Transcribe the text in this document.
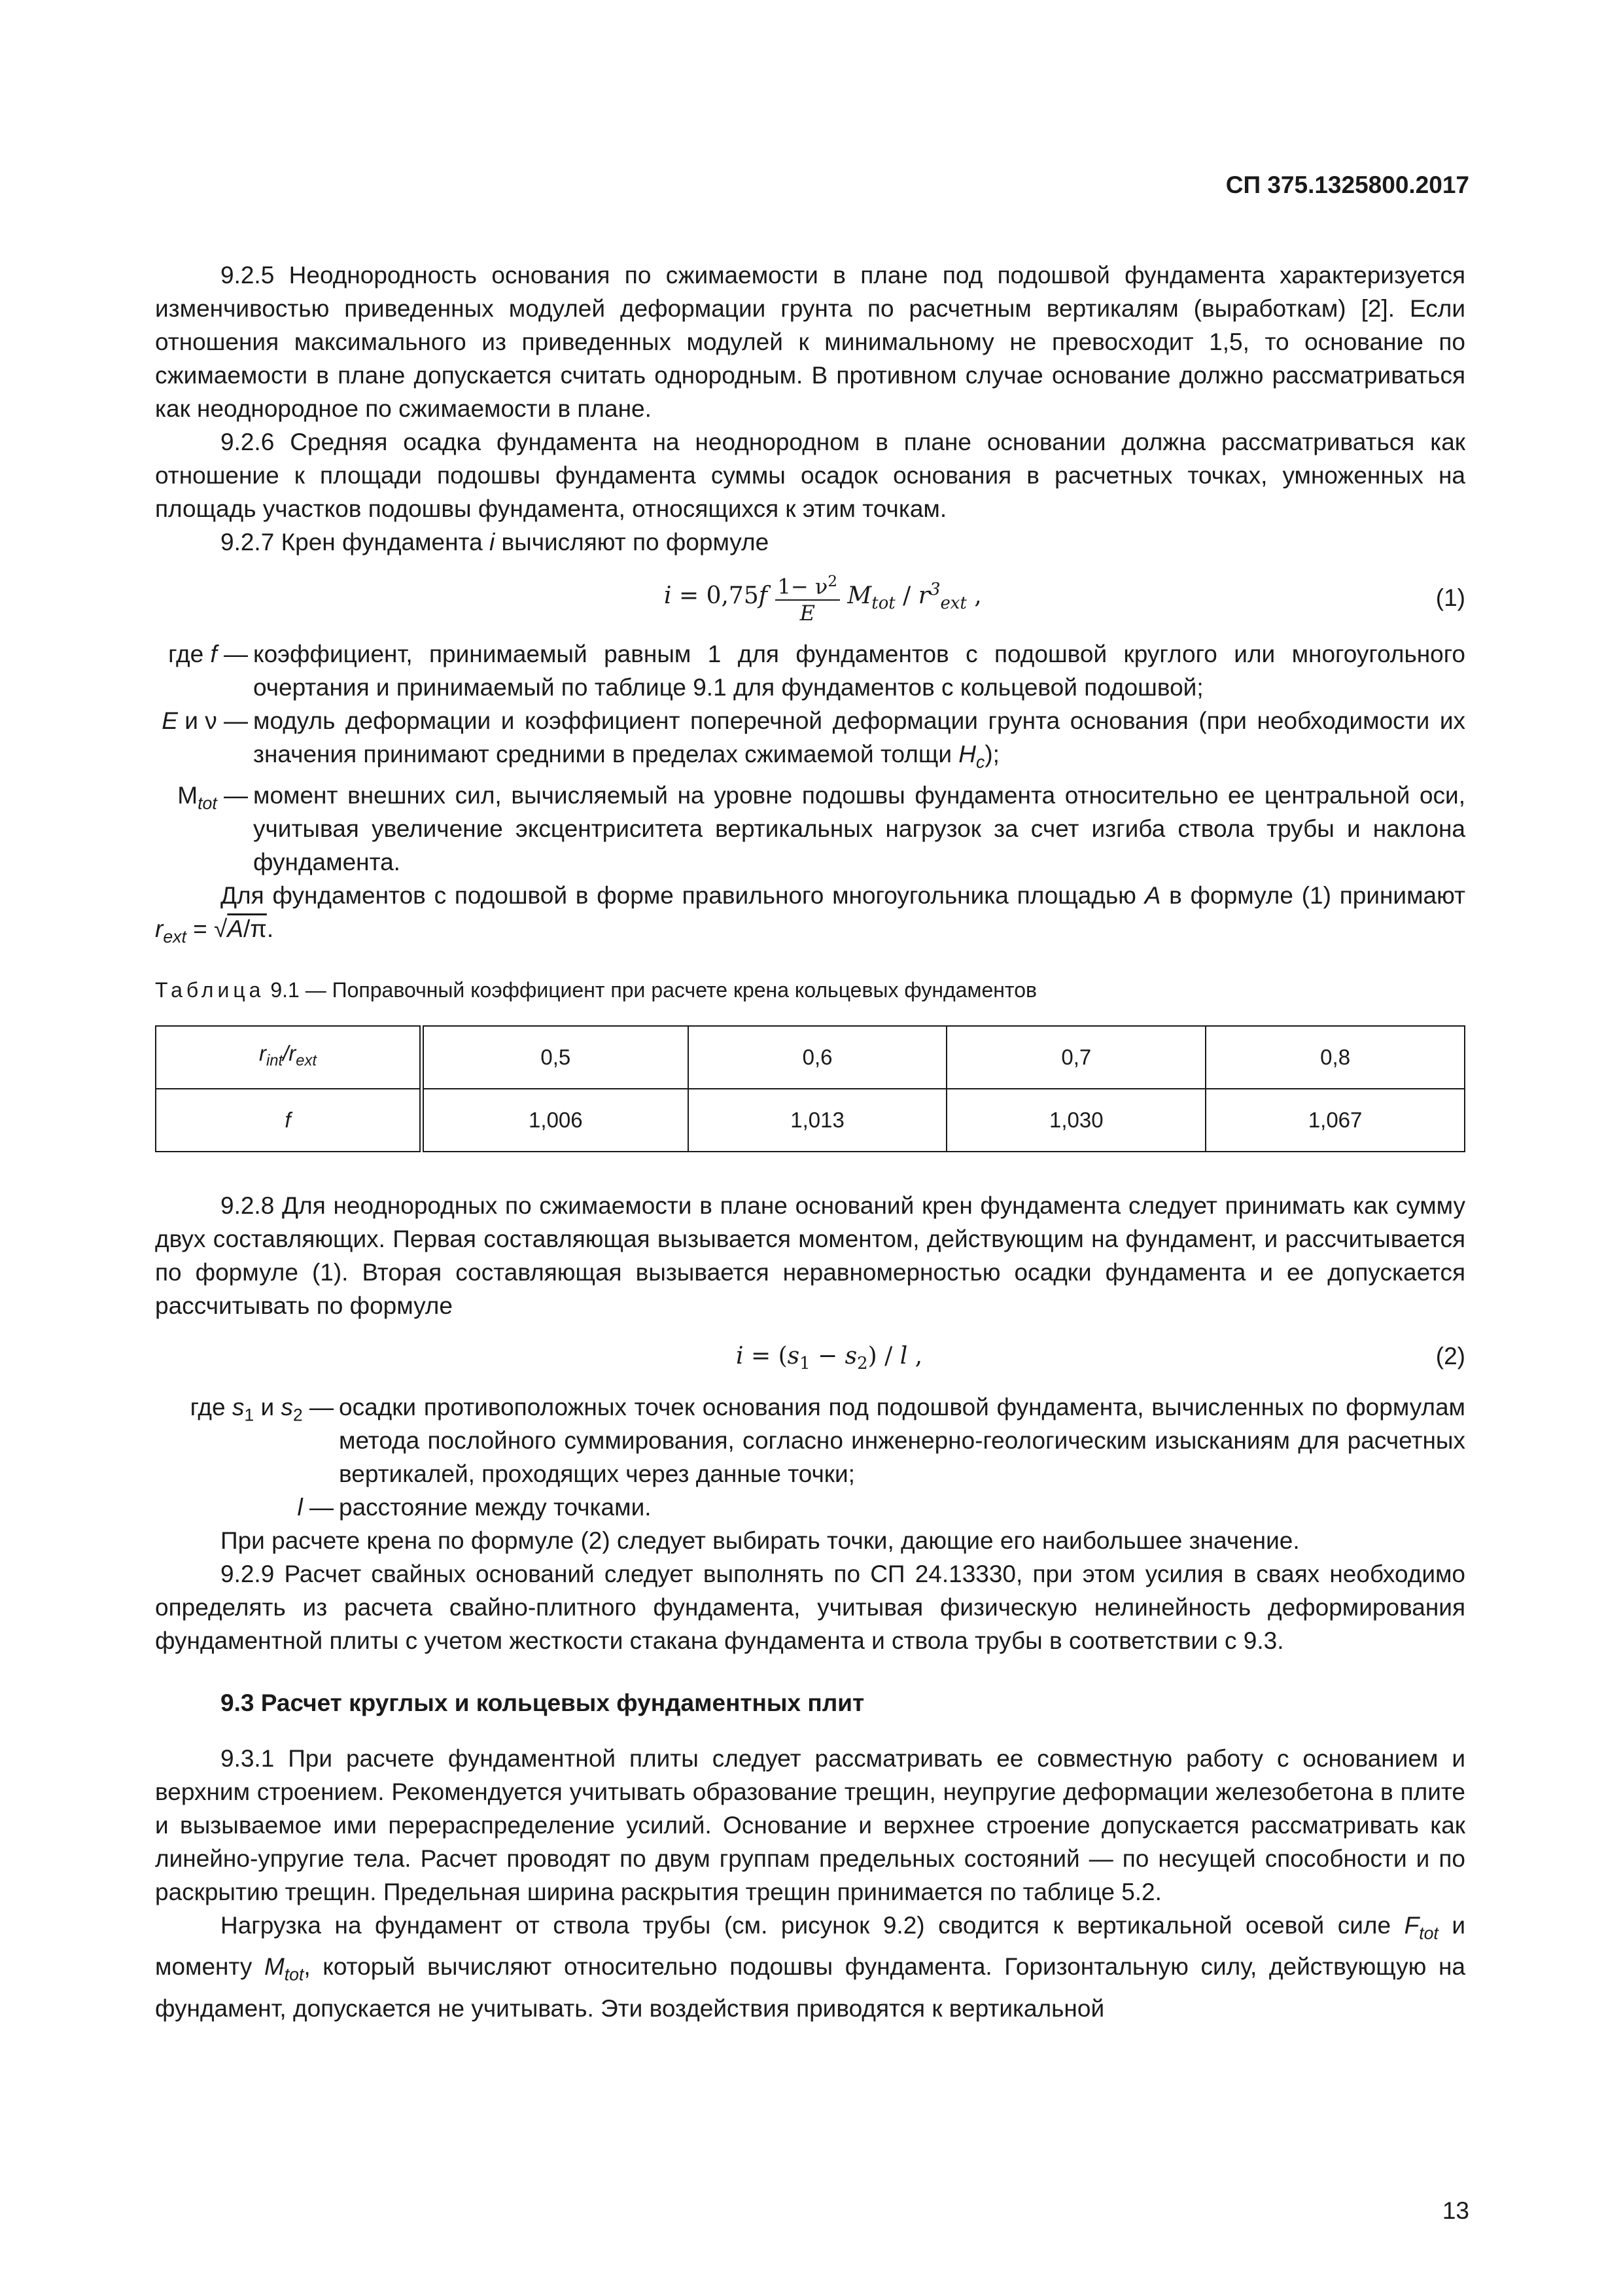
СП 375.1325800.2017

9.2.5 Неоднородность основания по сжимаемости в плане под подошвой фундамента характеризуется изменчивостью приведенных модулей деформации грунта по расчетным вертикалям (выработкам) [2]. Если отношения максимального из приведенных модулей к минимальному не превосходит 1,5, то основание по сжимаемости в плане допускается считать однородным. В противном случае основание должно рассматриваться как неоднородное по сжимаемости в плане.

9.2.6 Средняя осадка фундамента на неоднородном в плане основании должна рассматриваться как отношение к площади подошвы фундамента суммы осадок основания в расчетных точках, умноженных на площадь участков подошвы фундамента, относящихся к этим точкам.

9.2.7 Крен фундамента i вычисляют по формуле

$i = 0,75f \frac{1- \nu^2}{E} M_{tot} / r^3_{ext}$ ,	(1)
где f — коэффициент, принимаемый равным 1 для фундаментов с подошвой круглого или многоугольного очертания и принимаемый по таблице 9.1 для фундаментов с кольцевой подошвой;
E и ν — модуль деформации и коэффициент поперечной деформации грунта основания (при необходимости их значения принимают средними в пределах сжимаемой толщи $H_c$);
$M_{tot}$ — момент внешних сил, вычисляемый на уровне подошвы фундамента относительно ее центральной оси, учитывая увеличение эксцентриситета вертикальных нагрузок за счет изгиба ствола трубы и наклона фундамента.

Для фундаментов с подошвой в форме правильного многоугольника площадью A в формуле (1) принимают $r_{ext} = √A/\pi$.

Таблица 9.1 — Поправочный коэффициент при расчете крена кольцевых фундаментов
$r_{int}/r_{ext}$	0,5	0,6	0,7	0,8
f	1,006	1,013	1,030	1,067

9.2.8 Для неоднородных по сжимаемости в плане оснований крен фундамента следует принимать как сумму двух составляющих. Первая составляющая вызывается моментом, действующим на фундамент, и рассчитывается по формуле (1). Вторая составляющая вызывается неравномерностью осадки фундамента и ее допускается рассчитывать по формуле

$i = (s_1 - s_2) / l$ ,	(2)
где $s_1$ и $s_2$ — осадки противоположных точек основания под подошвой фундамента, вычисленных по формулам метода послойного суммирования, согласно инженерно-геологическим изысканиям для расчетных вертикалей, проходящих через данные точки;
l — расстояние между точками.

При расчете крена по формуле (2) следует выбирать точки, дающие его наибольшее значение.

9.2.9 Расчет свайных оснований следует выполнять по СП 24.13330, при этом усилия в сваях необходимо определять из расчета свайно-плитного фундамента, учитывая физическую нелинейность деформирования фундаментной плиты с учетом жесткости стакана фундамента и ствола трубы в соответствии с 9.3.

9.3 Расчет круглых и кольцевых фундаментных плит

9.3.1 При расчете фундаментной плиты следует рассматривать ее совместную работу с основанием и верхним строением. Рекомендуется учитывать образование трещин, неупругие деформации железобетона в плите и вызываемое ими перераспределение усилий. Основание и верхнее строение допускается рассматривать как линейно-упругие тела. Расчет проводят по двум группам предельных состояний — по несущей способности и по раскрытию трещин. Предельная ширина раскрытия трещин принимается по таблице 5.2.

Нагрузка на фундамент от ствола трубы (см. рисунок 9.2) сводится к вертикальной осевой силе $F_{tot}$ и моменту $M_{tot}$, который вычисляют относительно подошвы фундамента. Горизонтальную силу, действующую на фундамент, допускается не учитывать. Эти воздействия приводятся к вертикальной

13
